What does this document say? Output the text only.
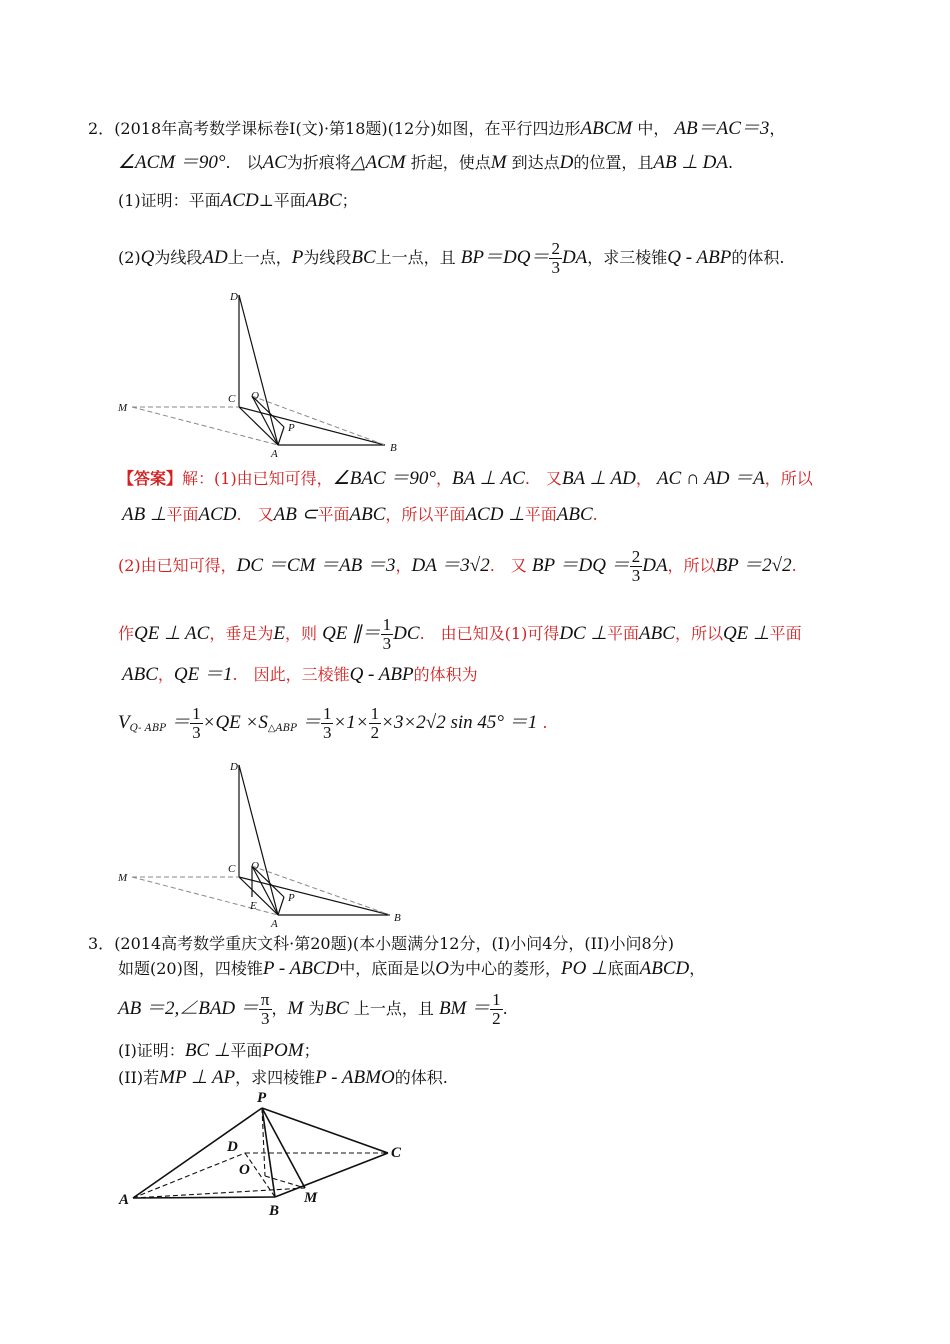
2．(2018年高考数学课标卷Ⅰ(文)·第18题)(12分)如图，在平行四边形ABCM 中， AB＝AC＝3，
∠ACM ＝90°.　以AC为折痕将△ACM 折起，使点M 到达点D的位置，且AB ⊥ DA.
(1)证明：平面ACD⊥平面ABC；
(2)Q为线段AD上一点，P为线段BC上一点，且 $BP=DQ= \frac{2}{3}$ DA，求三棱锥Q - ABP的体积.
D
C Q
M
P
A	B
【答案】解：(1)由已知可得，∠BAC ＝90°，BA ⊥ AC.　又BA ⊥ AD， AC ∩ AD ＝A，所以
AB ⊥平面ACD.　又AB ⊂平面ABC，所以平面ACD ⊥平面ABC.
(2)由已知可得，DC ＝CM ＝AB ＝3，DA ＝3√2.　又 BP $=DQ = \frac{2}{3}$ DA，所以BP ＝2√2.
作QE ⊥ AC，垂足为E，则 QE ∥＝ $\frac{1}{3}$ DC.　由已知及(1)可得DC ⊥平面ABC，所以QE ⊥平面
ABC，QE ＝1.　因此，三棱锥Q - ABP的体积为
$V_{Q- ABP} = \frac{1}{3} \times QE \times S_{\triangle ABP} = \frac{1}{3} \times 1\times \frac{1}{2} \times 3\times 2√2$ sin 45° ＝1 .
D
C Q
M
E
P
A	B
3．(2014高考数学重庆文科·第20题)(本小题满分12分，(I)小问4分，(II)小问8分)
如题(20)图，四棱锥P - ABCD中，底面是以O为中心的菱形，PO ⊥底面ABCD，
AB ＝2,∠BAD ＝ $\frac{\pi}{3}$ ，M 为BC 上一点，且 BM ＝ $\frac{1}{2}$ .
(I)证明：BC ⊥平面POM；
(II)若MP ⊥ AP，求四棱锥P - ABMO的体积.
P
D	C
O
A
B
M
